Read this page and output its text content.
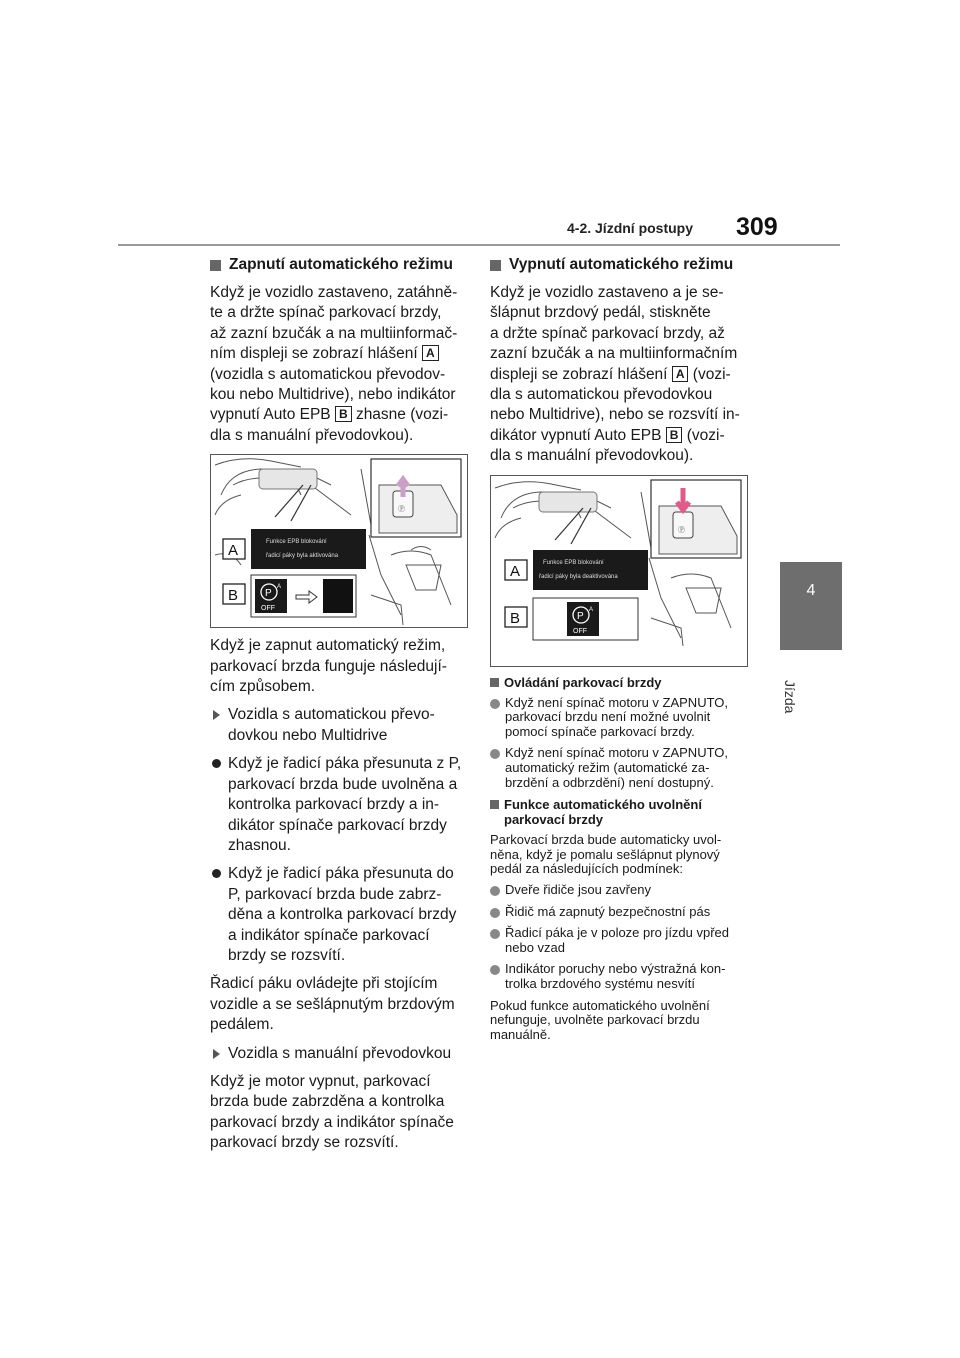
4-2. Jízdní postupy 309
4
Jízda
Zapnutí automatického režimu
Když je vozidlo zastaveno, zatáhně-
te a držte spínač parkovací brzdy,
až zazní bzučák a na multiinformač-
ním displeji se zobrazí hlášení A
(vozidla s automatickou převodov-
kou nebo Multidrive), nebo indikátor
vypnutí Auto EPB B zhasne (vozi-
dla s manuální převodovkou).
Ⓟ
Funkce EPB blokování
řadicí páky byla aktivována
A
P
A
OFF
B
Když je zapnut automatický režim, parkovací brzda funguje následují-cím způsobem.
Vozidla s automatickou převo-dovkou nebo Multidrive
Když je řadicí páka přesunuta z P, parkovací brzda bude uvolněna a kontrolka parkovací brzdy a in-dikátor spínače parkovací brzdy zhasnou.
Když je řadicí páka přesunuta do P, parkovací brzda bude zabrz-děna a kontrolka parkovací brzdy a indikátor spínače parkovací brzdy se rozsvítí.
Řadicí páku ovládejte při stojícím vozidle a se sešlápnutým brzdovým pedálem.
Vozidla s manuální převodovkou
Když je motor vypnut, parkovací brzda bude zabrzděna a kontrolka parkovací brzdy a indikátor spínače parkovací brzdy se rozsvítí.
Vypnutí automatického režimu
Když je vozidlo zastaveno a je se-
šlápnut brzdový pedál, stiskněte
a držte spínač parkovací brzdy, až
zazní bzučák a na multiinformačním
displeji se zobrazí hlášení A (vozi-
dla s automatickou převodovkou
nebo Multidrive), nebo se rozsvítí in-
dikátor vypnutí Auto EPB B (vozi-
dla s manuální převodovkou).
Ⓟ
Funkce EPB blokování
řadicí páky byla deaktivována
A
P
A
OFF
B
Ovládání parkovací brzdy
Když není spínač motoru v ZAPNUTO, parkovací brzdu není možné uvolnit pomocí spínače parkovací brzdy.
Když není spínač motoru v ZAPNUTO, automatický režim (automatické za-brzdění a odbrzdění) není dostupný.
Funkce automatického uvolnění parkovací brzdy
Parkovací brzda bude automaticky uvol-něna, když je pomalu sešlápnut plynový pedál za následujících podmínek:
Dveře řidiče jsou zavřeny
Řidič má zapnutý bezpečnostní pás
Řadicí páka je v poloze pro jízdu vpřed nebo vzad
Indikátor poruchy nebo výstražná kon-trolka brzdového systému nesvítí
Pokud funkce automatického uvolnění nefunguje, uvolněte parkovací brzdu manuálně.
